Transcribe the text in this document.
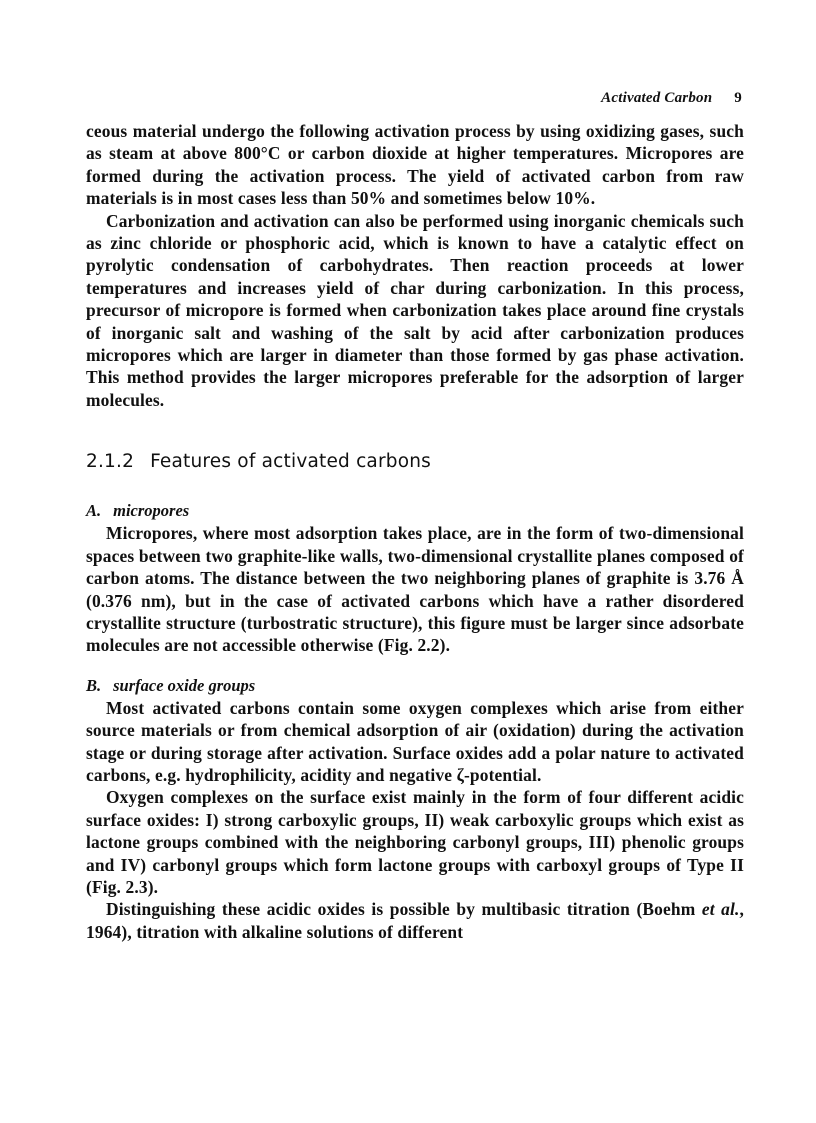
Activated Carbon 9

ceous material undergo the following activation process by using oxidizing gases, such as steam at above 800°C or carbon dioxide at higher temperatures. Micropores are formed during the activation process. The yield of activated carbon from raw materials is in most cases less than 50% and sometimes below 10%.

Carbonization and activation can also be performed using inorganic chemicals such as zinc chloride or phosphoric acid, which is known to have a catalytic effect on pyrolytic condensation of carbohydrates. Then reaction proceeds at lower temperatures and increases yield of char during carbonization. In this process, precursor of micropore is formed when carbonization takes place around fine crystals of inorganic salt and washing of the salt by acid after carbonization produces micropores which are larger in diameter than those formed by gas phase activation. This method provides the larger micropores preferable for the adsorption of larger molecules.

2.1.2 Features of activated carbons
A. micropores

Micropores, where most adsorption takes place, are in the form of two-dimensional spaces between two graphite-like walls, two-dimensional crystallite planes composed of carbon atoms. The distance between the two neighboring planes of graphite is 3.76 Å (0.376 nm), but in the case of activated carbons which have a rather disordered crystallite structure (turbostratic structure), this figure must be larger since adsorbate molecules are not accessible otherwise (Fig. 2.2).

B. surface oxide groups

Most activated carbons contain some oxygen complexes which arise from either source materials or from chemical adsorption of air (oxidation) during the activation stage or during storage after activation. Surface oxides add a polar nature to activated carbons, e.g. hydrophilicity, acidity and negative ζ-potential.

Oxygen complexes on the surface exist mainly in the form of four different acidic surface oxides: I) strong carboxylic groups, II) weak carboxylic groups which exist as lactone groups combined with the neighboring carbonyl groups, III) phenolic groups and IV) carbonyl groups which form lactone groups with carboxyl groups of Type II (Fig. 2.3).

Distinguishing these acidic oxides is possible by multibasic titration (Boehm et al., 1964), titration with alkaline solutions of different
